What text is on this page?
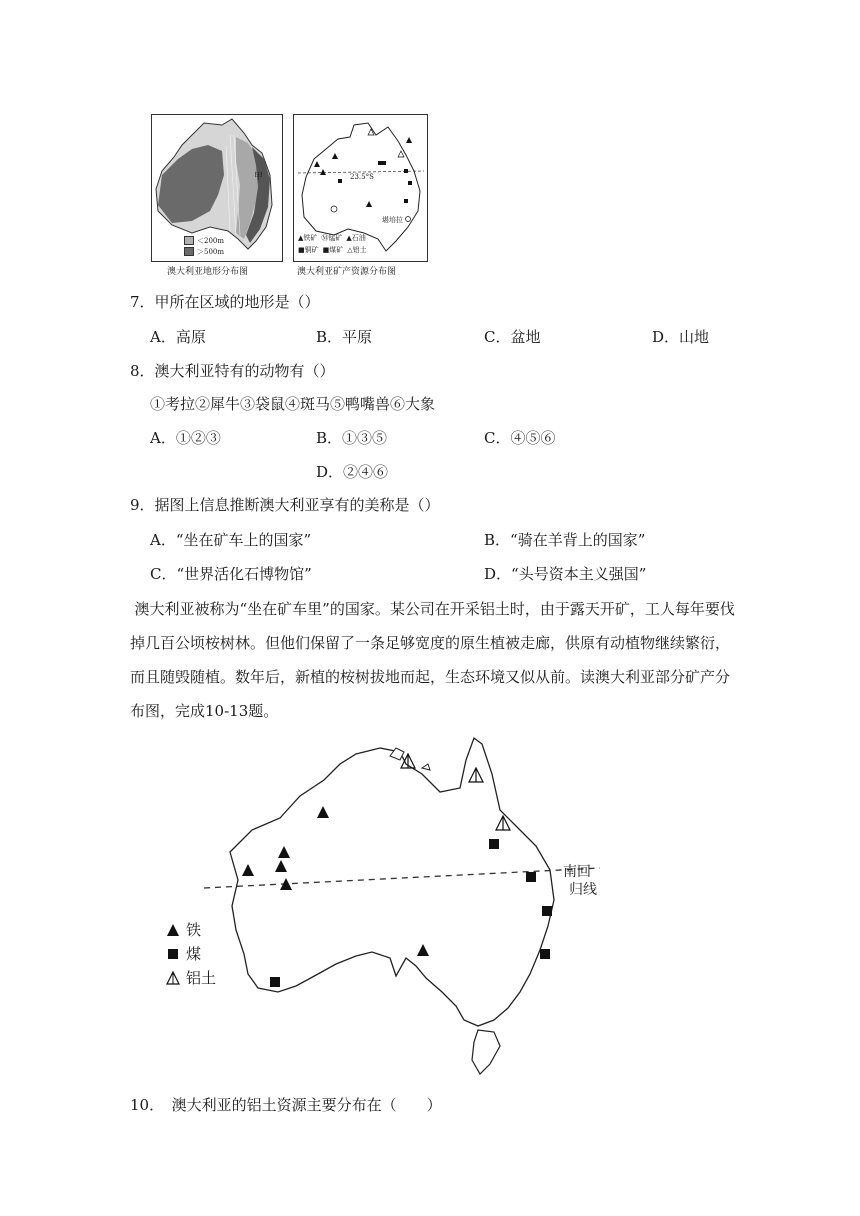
甲
＜200m
＞500m
澳大利亚地形分布图
23.5°S
堪培拉
▲铁矿 Ⓜ锰矿 ▲石油
■铜矿 ■煤矿 △铝土
澳大利亚矿产资源分布图
7．甲所在区域的地形是（）
A．高原	B．平原	C．盆地	D．山地
8．澳大利亚特有的动物有（）
①考拉②犀牛③袋鼠④斑马⑤鸭嘴兽⑥大象
A．①②③	B．①③⑤	C．④⑤⑥
D．②④⑥
9．据图上信息推断澳大利亚享有的美称是（）
A．“坐在矿车上的国家”	B．“骑在羊背上的国家”
C．“世界活化石博物馆”	D．“头号资本主义强国”
澳大利亚被称为“坐在矿车里”的国家。某公司在开采铝土时，由于露天开矿，工人每年要伐掉几百公顷桉树林。但他们保留了一条足够宽度的原生植被走廊，供原有动植物继续繁衍，而且随毁随植。数年后，新植的桉树拔地而起，生态环境又似从前。读澳大利亚部分矿产分布图，完成10-13题。
南回
归线
铁
煤
铝土
10．　澳大利亚的铝土资源主要分布在（　　）
